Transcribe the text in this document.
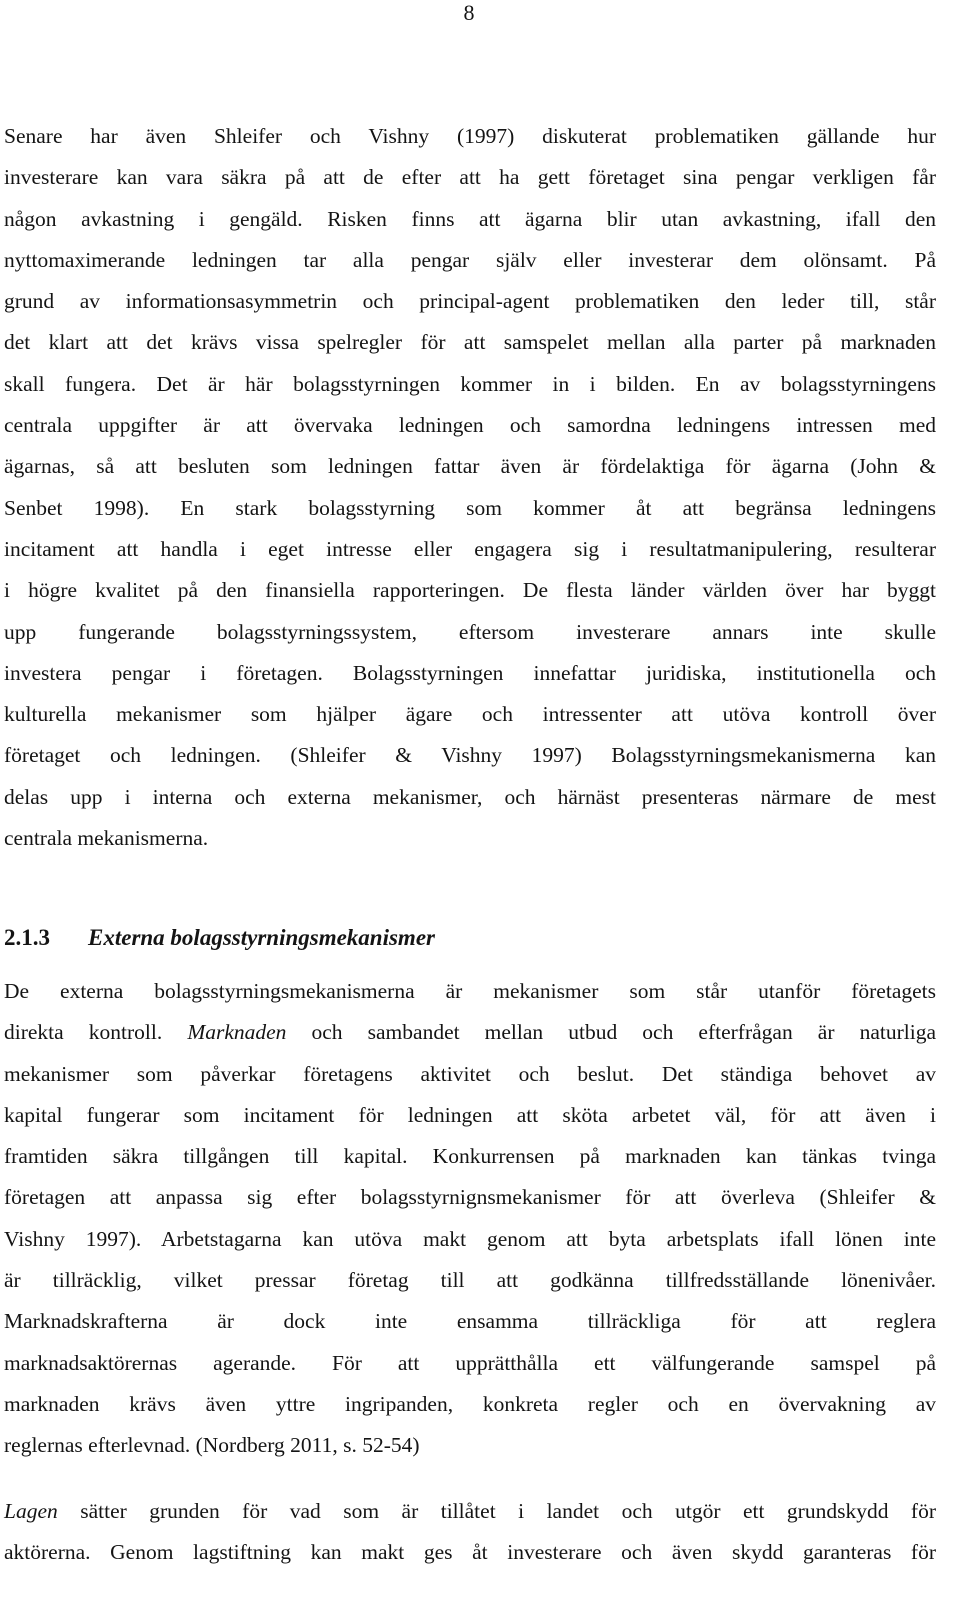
8
Senare har även Shleifer och Vishny (1997) diskuterat problematiken gällande hur
investerare kan vara säkra på att de efter att ha gett företaget sina pengar verkligen får
någon avkastning i gengäld. Risken finns att ägarna blir utan avkastning, ifall den
nyttomaximerande ledningen tar alla pengar själv eller investerar dem olönsamt. På
grund av informationsasymmetrin och principal-agent problematiken den leder till, står
det klart att det krävs vissa spelregler för att samspelet mellan alla parter på marknaden
skall fungera. Det är här bolagsstyrningen kommer in i bilden. En av bolagsstyrningens
centrala uppgifter är att övervaka ledningen och samordna ledningens intressen med
ägarnas, så att besluten som ledningen fattar även är fördelaktiga för ägarna (John &
Senbet 1998). En stark bolagsstyrning som kommer åt att begränsa ledningens
incitament att handla i eget intresse eller engagera sig i resultatmanipulering, resulterar
i högre kvalitet på den finansiella rapporteringen. De flesta länder världen över har byggt
upp fungerande bolagsstyrningssystem, eftersom investerare annars inte skulle
investera pengar i företagen. Bolagsstyrningen innefattar juridiska, institutionella och
kulturella mekanismer som hjälper ägare och intressenter att utöva kontroll över
företaget och ledningen. (Shleifer & Vishny 1997) Bolagsstyrningsmekanismerna kan
delas upp i interna och externa mekanismer, och härnäst presenteras närmare de mest
centrala mekanismerna.
2.1.3 Externa bolagsstyrningsmekanismer
De externa bolagsstyrningsmekanismerna är mekanismer som står utanför företagets
direkta kontroll. Marknaden och sambandet mellan utbud och efterfrågan är naturliga
mekanismer som påverkar företagens aktivitet och beslut. Det ständiga behovet av
kapital fungerar som incitament för ledningen att sköta arbetet väl, för att även i
framtiden säkra tillgången till kapital. Konkurrensen på marknaden kan tänkas tvinga
företagen att anpassa sig efter bolagsstyrnignsmekanismer för att överleva (Shleifer &
Vishny 1997). Arbetstagarna kan utöva makt genom att byta arbetsplats ifall lönen inte
är tillräcklig, vilket pressar företag till att godkänna tillfredsställande lönenivåer.
Marknadskrafterna är dock inte ensamma tillräckliga för att reglera
marknadsaktörernas agerande. För att upprätthålla ett välfungerande samspel på
marknaden krävs även yttre ingripanden, konkreta regler och en övervakning av
reglernas efterlevnad. (Nordberg 2011, s. 52-54)
Lagen sätter grunden för vad som är tillåtet i landet och utgör ett grundskydd för
aktörerna. Genom lagstiftning kan makt ges åt investerare och även skydd garanteras för
